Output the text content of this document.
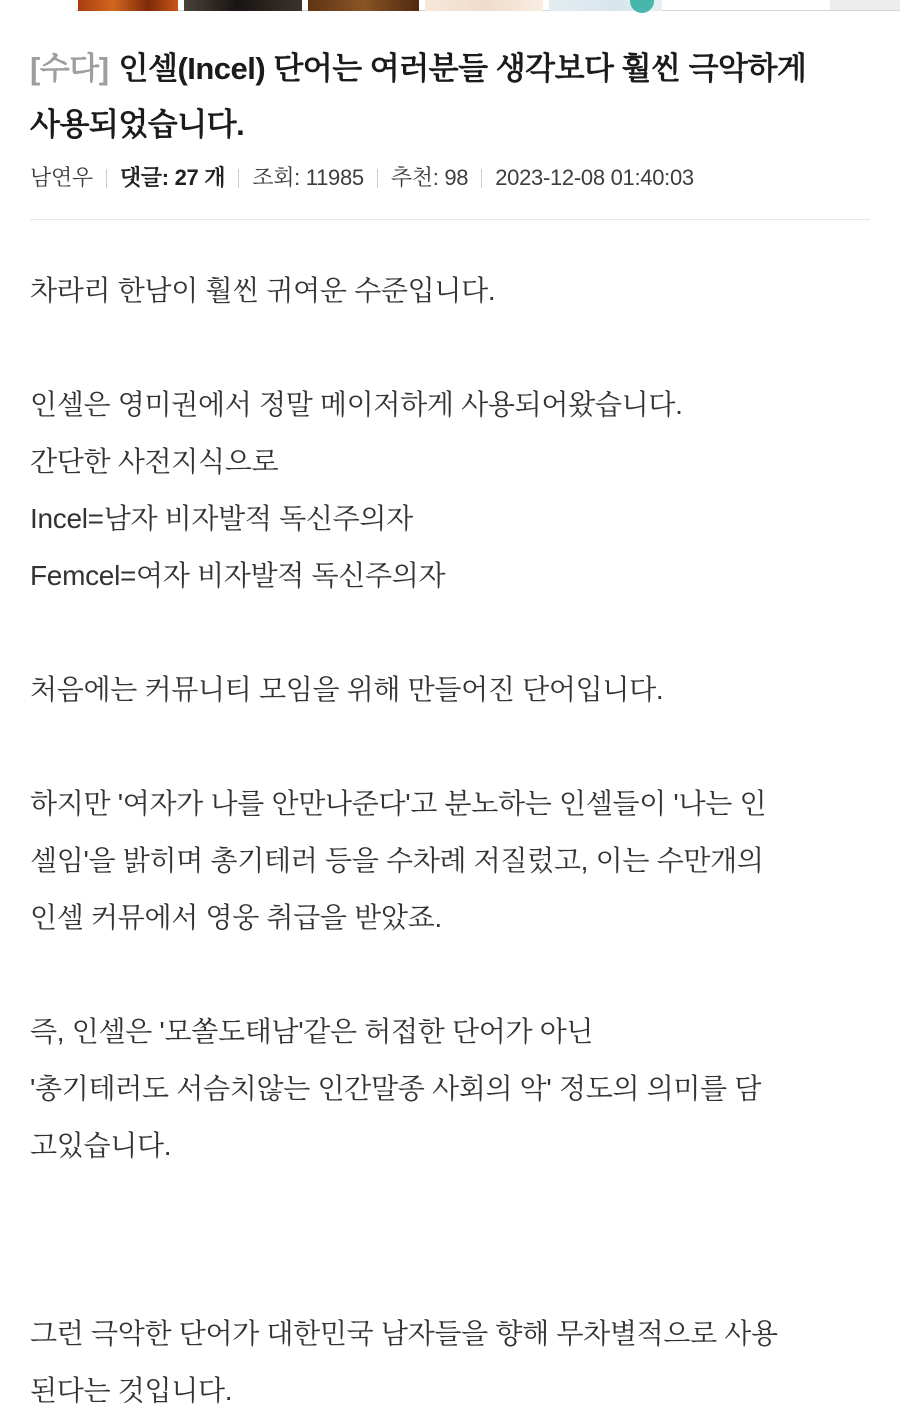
[수다] 인셀(Incel) 단어는 여러분들 생각보다 훨씬 극악하게
사용되었습니다.
남연우 댓글: 27 개 조회: 11985 추천: 98 2023-12-08 01:40:03
차라리 한남이 훨씬 귀여운 수준입니다.
인셀은 영미권에서 정말 메이저하게 사용되어왔습니다.
간단한 사전지식으로
Incel=남자 비자발적 독신주의자
Femcel=여자 비자발적 독신주의자
처음에는 커뮤니티 모임을 위해 만들어진 단어입니다.
하지만 '여자가 나를 안만나준다'고 분노하는 인셀들이 '나는 인
셀임'을 밝히며 총기테러 등을 수차례 저질렀고, 이는 수만개의
인셀 커뮤에서 영웅 취급을 받았죠.
즉, 인셀은 '모쏠도태남'같은 허접한 단어가 아닌
'총기테러도 서슴치않는 인간말종 사회의 악' 정도의 의미를 담
고있습니다.
그런 극악한 단어가 대한민국 남자들을 향해 무차별적으로 사용
된다는 것입니다.
